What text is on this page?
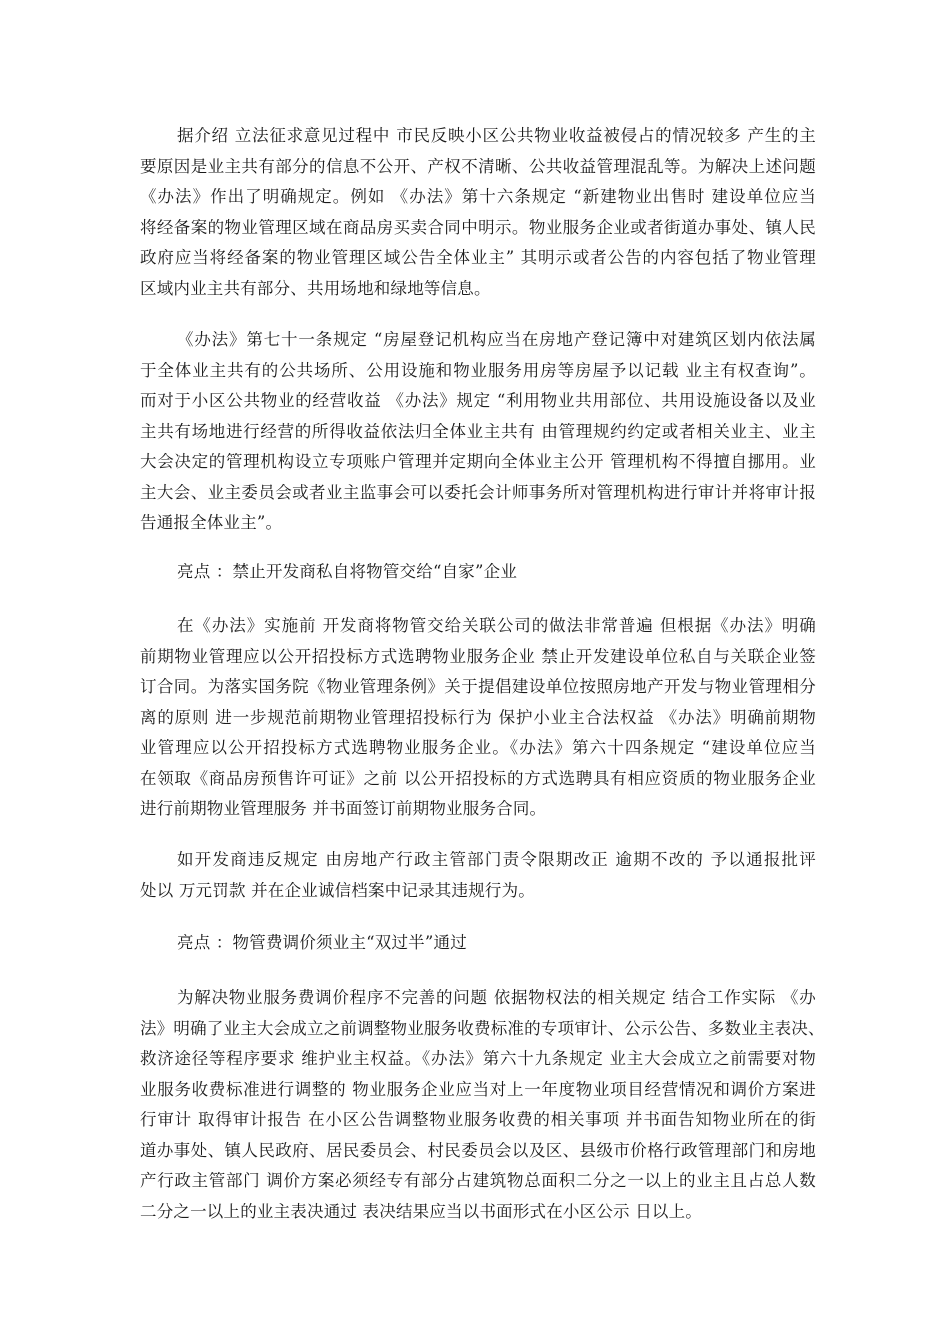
据介绍 立法征求意见过程中 市民反映小区公共物业收益被侵占的情况较多 产生的主
要原因是业主共有部分的信息不公开、产权不清晰、公共收益管理混乱等。为解决上述问题
《办法》作出了明确规定。例如 《办法》第十六条规定 “新建物业出售时 建设单位应当
将经备案的物业管理区域在商品房买卖合同中明示。物业服务企业或者街道办事处、镇人民
政府应当将经备案的物业管理区域公告全体业主” 其明示或者公告的内容包括了物业管理
区域内业主共有部分、共用场地和绿地等信息。
《办法》第七十一条规定 “房屋登记机构应当在房地产登记簿中对建筑区划内依法属
于全体业主共有的公共场所、公用设施和物业服务用房等房屋予以记载 业主有权查询”。
而对于小区公共物业的经营收益 《办法》规定 “利用物业共用部位、共用设施设备以及业
主共有场地进行经营的所得收益依法归全体业主共有 由管理规约约定或者相关业主、业主
大会决定的管理机构设立专项账户管理并定期向全体业主公开 管理机构不得擅自挪用。业
主大会、业主委员会或者业主监事会可以委托会计师事务所对管理机构进行审计并将审计报
告通报全体业主”。
亮点 ：禁止开发商私自将物管交给“自家”企业
在《办法》实施前 开发商将物管交给关联公司的做法非常普遍 但根据《办法》明确
前期物业管理应以公开招投标方式选聘物业服务企业 禁止开发建设单位私自与关联企业签
订合同。为落实国务院《物业管理条例》关于提倡建设单位按照房地产开发与物业管理相分
离的原则 进一步规范前期物业管理招投标行为 保护小业主合法权益 《办法》明确前期物
业管理应以公开招投标方式选聘物业服务企业。《办法》第六十四条规定 “建设单位应当
在领取《商品房预售许可证》之前 以公开招投标的方式选聘具有相应资质的物业服务企业
进行前期物业管理服务 并书面签订前期物业服务合同。
如开发商违反规定 由房地产行政主管部门责令限期改正 逾期不改的 予以通报批评
处以 万元罚款 并在企业诚信档案中记录其违规行为。
亮点 ：物管费调价须业主“双过半”通过
为解决物业服务费调价程序不完善的问题 依据物权法的相关规定 结合工作实际 《办
法》明确了业主大会成立之前调整物业服务收费标准的专项审计、公示公告、多数业主表决、
救济途径等程序要求 维护业主权益。《办法》第六十九条规定 业主大会成立之前需要对物
业服务收费标准进行调整的 物业服务企业应当对上一年度物业项目经营情况和调价方案进
行审计 取得审计报告 在小区公告调整物业服务收费的相关事项 并书面告知物业所在的街
道办事处、镇人民政府、居民委员会、村民委员会以及区、县级市价格行政管理部门和房地
产行政主管部门 调价方案必须经专有部分占建筑物总面积二分之一以上的业主且占总人数
二分之一以上的业主表决通过 表决结果应当以书面形式在小区公示 日以上。
